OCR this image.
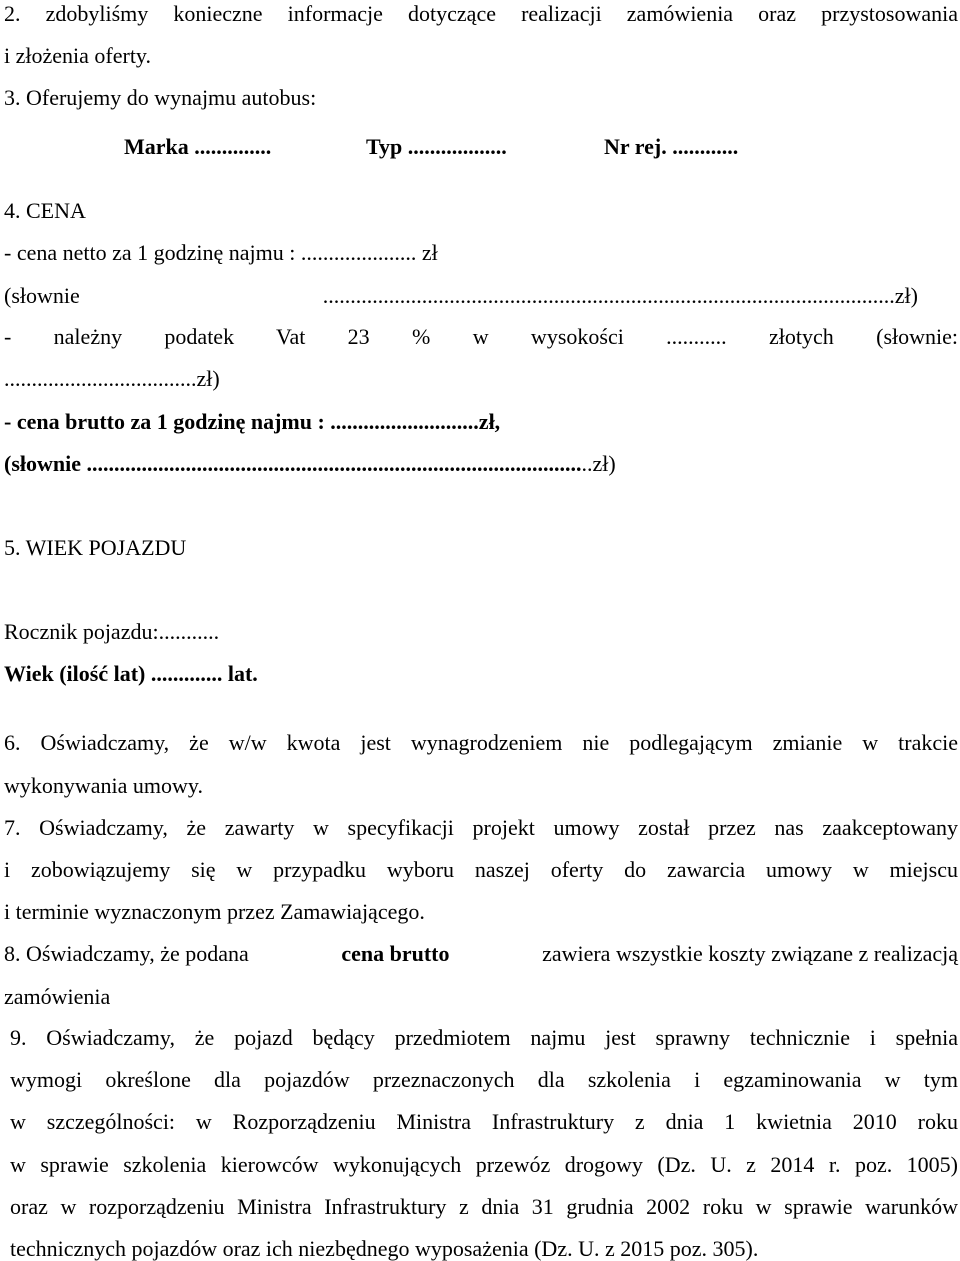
2. zdobyliśmy konieczne informacje dotyczące realizacji zamówienia oraz przystosowania
i złożenia oferty.
3. Oferujemy do wynajmu autobus:
Marka ..............	Typ ..................	Nr rej. ............
4. CENA
- cena netto za 1 godzinę najmu : ..................... zł
(słownie ........................................................................................................zł)
- należny podatek Vat 23 % w wysokości ........... złotych (słownie:
...................................zł)
- cena brutto za 1 godzinę najmu : ...........................zł,
(słownie ............................................................................................zł)
5. WIEK POJAZDU
Rocznik pojazdu:...........
Wiek (ilość lat) ............. lat.
6. Oświadczamy, że w/w kwota jest wynagrodzeniem nie podlegającym zmianie w trakcie
wykonywania umowy.
7. Oświadczamy, że zawarty w specyfikacji projekt umowy został przez nas zaakceptowany
i zobowiązujemy się w przypadku wyboru naszej oferty do zawarcia umowy w miejscu
i terminie wyznaczonym przez Zamawiającego.
8. Oświadczamy, że podana	cena brutto	zawiera wszystkie koszty związane z realizacją
zamówienia
9. Oświadczamy, że pojazd będący przedmiotem najmu jest sprawny technicznie i spełnia
wymogi określone dla pojazdów przeznaczonych dla szkolenia i egzaminowania w tym
w szczególności: w Rozporządzeniu Ministra Infrastruktury z dnia 1 kwietnia 2010 roku
w sprawie szkolenia kierowców wykonujących przewóz drogowy (Dz. U. z 2014 r. poz. 1005)
oraz w rozporządzeniu Ministra Infrastruktury z dnia 31 grudnia 2002 roku w sprawie warunków
technicznych pojazdów oraz ich niezbędnego wyposażenia (Dz. U. z 2015 poz. 305).
